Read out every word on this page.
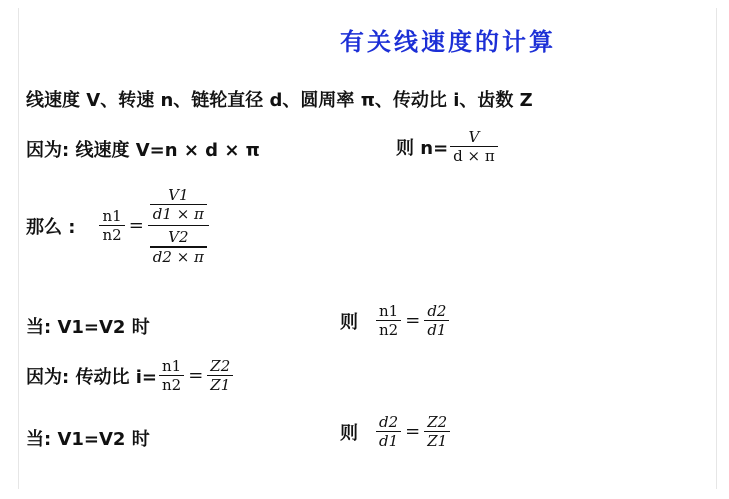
有关线速度的计算
线速度 V、转速 n、链轮直径 d、圆周率 π、传动比 i、齿数 Z
因为: 线速度 V=n × d × π	则 $n= \frac{V}{d \times \pi}$
那么 : $\frac{n1}{n2} = \frac{\frac{V1}{d1 \times \pi}}{\frac{V2}{d2 \times \pi}}$
当: V1=V2 时	则 $\frac{n1}{n2} = \frac{d2}{d1}$
因为: 传动比 $i= \frac{n1}{n2} = \frac{Z2}{Z1}$
当: V1=V2 时	则 $\frac{d2}{d1} = \frac{Z2}{Z1}$
